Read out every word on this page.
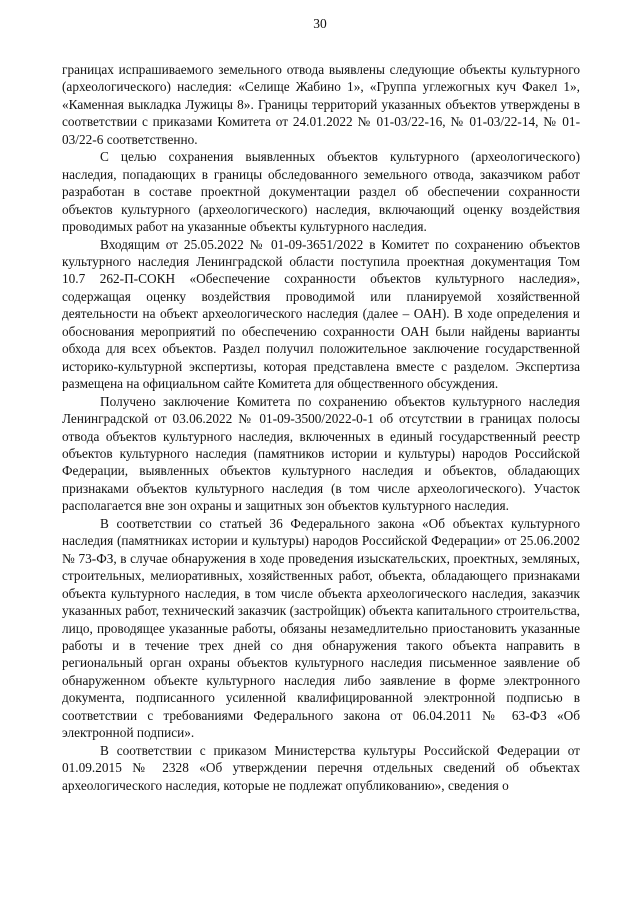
30

границах испрашиваемого земельного отвода выявлены следующие объекты культурного (археологического) наследия: «Селище Жабино 1», «Группа углежогных куч Факел 1», «Каменная выкладка Лужицы 8». Границы территорий указанных объектов утверждены в соответствии с приказами Комитета от 24.01.2022 № 01-03/22-16, № 01-03/22-14, № 01-03/22-6 соответственно.

С целью сохранения выявленных объектов культурного (археологического) наследия, попадающих в границы обследованного земельного отвода, заказчиком работ разработан в составе проектной документации раздел об обеспечении сохранности объектов культурного (археологического) наследия, включающий оценку воздействия проводимых работ на указанные объекты культурного наследия.

Входящим от 25.05.2022 № 01-09-3651/2022 в Комитет по сохранению объектов культурного наследия Ленинградской области поступила проектная документация Том 10.7 262-П-СОКН «Обеспечение сохранности объектов культурного наследия», содержащая оценку воздействия проводимой или планируемой хозяйственной деятельности на объект археологического наследия (далее – ОАН). В ходе определения и обоснования мероприятий по обеспечению сохранности ОАН были найдены варианты обхода для всех объектов. Раздел получил положительное заключение государственной историко-культурной экспертизы, которая представлена вместе с разделом. Экспертиза размещена на официальном сайте Комитета для общественного обсуждения.

Получено заключение Комитета по сохранению объектов культурного наследия Ленинградской от 03.06.2022 № 01-09-3500/2022-0-1 об отсутствии в границах полосы отвода объектов культурного наследия, включенных в единый государственный реестр объектов культурного наследия (памятников истории и культуры) народов Российской Федерации, выявленных объектов культурного наследия и объектов, обладающих признаками объектов культурного наследия (в том числе археологического). Участок располагается вне зон охраны и защитных зон объектов культурного наследия.

В соответствии со статьей 36 Федерального закона «Об объектах культурного наследия (памятниках истории и культуры) народов Российской Федерации» от 25.06.2002 № 73-ФЗ, в случае обнаружения в ходе проведения изыскательских, проектных, земляных, строительных, мелиоративных, хозяйственных работ, объекта, обладающего признаками объекта культурного наследия, в том числе объекта археологического наследия, заказчик указанных работ, технический заказчик (застройщик) объекта капитального строительства, лицо, проводящее указанные работы, обязаны незамедлительно приостановить указанные работы и в течение трех дней со дня обнаружения такого объекта направить в региональный орган охраны объектов культурного наследия письменное заявление об обнаруженном объекте культурного наследия либо заявление в форме электронного документа, подписанного усиленной квалифицированной электронной подписью в соответствии с требованиями Федерального закона от 06.04.2011 № 63-ФЗ «Об электронной подписи».

В соответствии с приказом Министерства культуры Российской Федерации от 01.09.2015 № 2328 «Об утверждении перечня отдельных сведений об объектах археологического наследия, которые не подлежат опубликованию», сведения о
